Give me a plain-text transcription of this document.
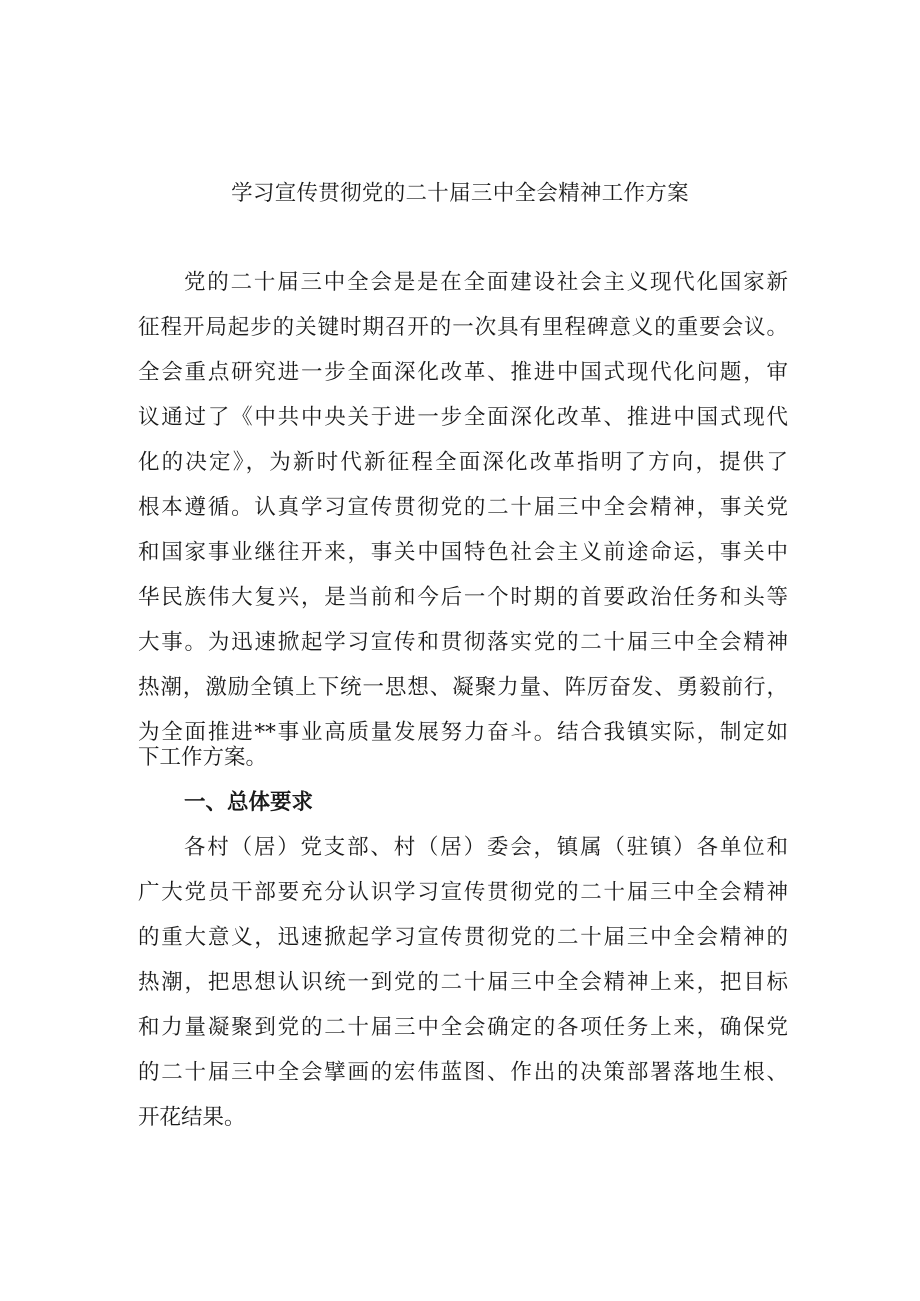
学习宣传贯彻党的二十届三中全会精神工作方案
党的二十届三中全会是是在全面建设社会主义现代化国家新
征程开局起步的关键时期召开的一次具有里程碑意义的重要会议。
全会重点研究进一步全面深化改革、推进中国式现代化问题，审
议通过了《中共中央关于进一步全面深化改革、推进中国式现代
化的决定》，为新时代新征程全面深化改革指明了方向，提供了
根本遵循。认真学习宣传贯彻党的二十届三中全会精神，事关党
和国家事业继往开来，事关中国特色社会主义前途命运，事关中
华民族伟大复兴，是当前和今后一个时期的首要政治任务和头等
大事。为迅速掀起学习宣传和贯彻落实党的二十届三中全会精神
热潮，激励全镇上下统一思想、凝聚力量、阵厉奋发、勇毅前行，
为全面推进**事业高质量发展努力奋斗。结合我镇实际，制定如
下工作方案。
一、总体要求
各村（居）党支部、村（居）委会，镇属（驻镇）各单位和
广大党员干部要充分认识学习宣传贯彻党的二十届三中全会精神
的重大意义，迅速掀起学习宣传贯彻党的二十届三中全会精神的
热潮，把思想认识统一到党的二十届三中全会精神上来，把目标
和力量凝聚到党的二十届三中全会确定的各项任务上来，确保党
的二十届三中全会擘画的宏伟蓝图、作出的决策部署落地生根、
开花结果。
